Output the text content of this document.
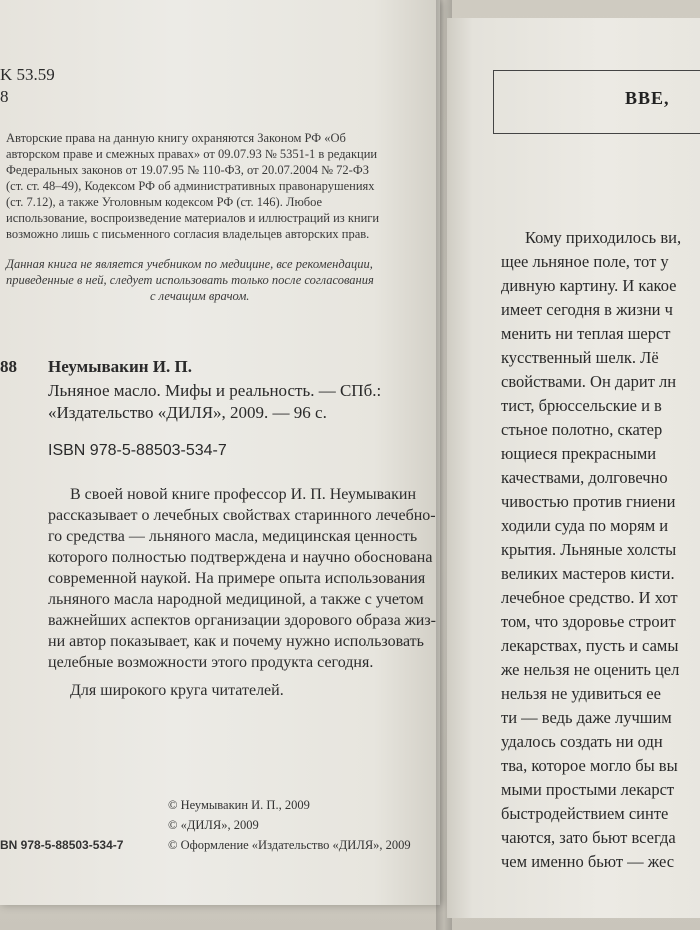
K 53.59
8
Авторские права на данную книгу охраняются Законом РФ «Об
авторском праве и смежных правах» от 09.07.93 № 5351-1 в редакции
Федеральных законов от 19.07.95 № 110-ФЗ, от 20.07.2004 № 72-ФЗ
(ст. ст. 48–49), Кодексом РФ об административных правонарушениях
(ст. 7.12), а также Уголовным кодексом РФ (ст. 146). Любое
использование, воспроизведение материалов и иллюстраций из книги
возможно лишь с письменного согласия владельцев авторских прав.
Данная книга не является учебником по медицине, все рекомендации,
приведенные в ней, следует использовать только после согласования
с лечащим врачом.
88 Неумывакин И. П.
Льняное масло. Мифы и реальность. — СПб.:
«Издательство «ДИЛЯ», 2009. — 96 с.
ISBN 978-5-88503-534-7
В своей новой книге профессор И. П. Неумывакин
рассказывает о лечебных свойствах старинного лечебно-
го средства — льняного масла, медицинская ценность
которого полностью подтверждена и научно обоснована
современной наукой. На примере опыта использования
льняного масла народной медициной, а также с учетом
важнейших аспектов организации здорового образа жиз-
ни автор показывает, как и почему нужно использовать
целебные возможности этого продукта сегодня.
Для широкого круга читателей.
© Неумывакин И. П., 2009
© «ДИЛЯ», 2009
© Оформление «Издательство «ДИЛЯ», 2009
BN 978-5-88503-534-7
ВВЕ,
Кому приходилось ви,
щее льняное поле, тот у
дивную картину. И какое
имеет сегодня в жизни ч
менить ни теплая шерст
кусственный шелк. Лё
свойствами. Он дарит лн
тист, брюссельские и в
стьное полотно, скатер
ющиеся прекрасными
качествами, долговечно
чивостью против гниени
ходили суда по морям и
крытия. Льняные холсты
великих мастеров кисти.
лечебное средство. И хот
том, что здоровье строит
лекарствах, пусть и самы
же нельзя не оценить цел
нельзя не удивиться ее
ти — ведь даже лучшим
удалось создать ни одн
тва, которое могло бы вы
мыми простыми лекарст
быстродействием синте
чаются, зато бьют всегда
чем именно бьют — жес
